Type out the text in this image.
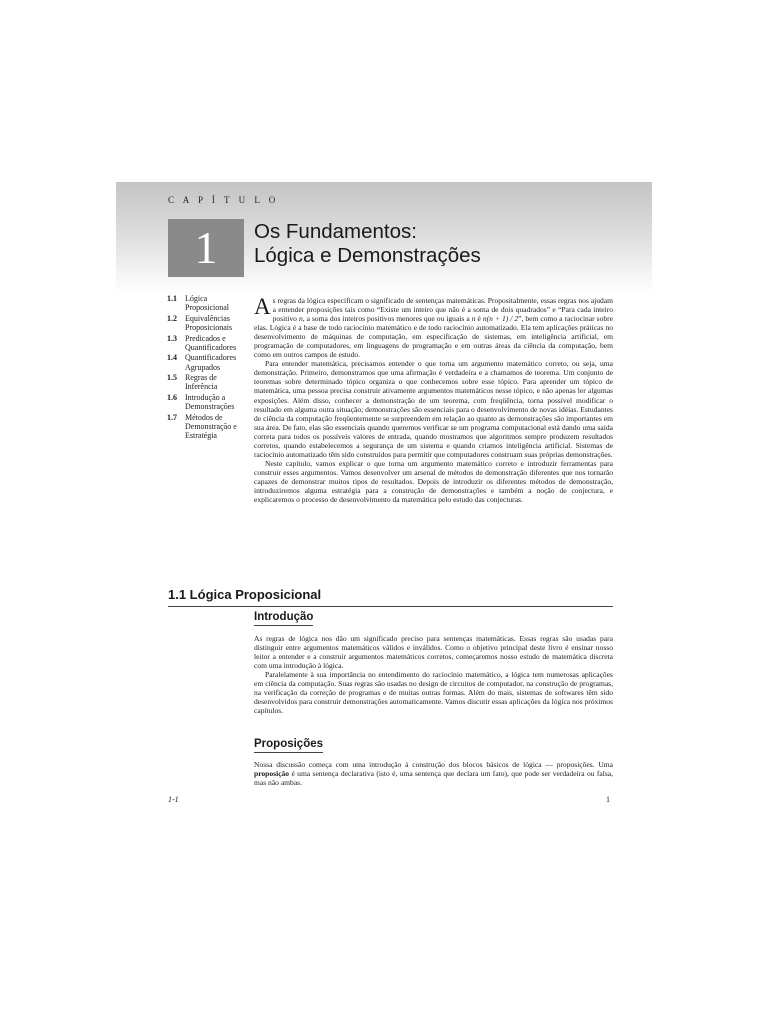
C A P Í T U L O
1	Os Fundamentos:
Lógica e Demonstrações
1.1	Lógica Proposicional
1.2	Equivalências Proposicionais
1.3	Predicados e Quantificadores
1.4	Quantificadores Agrupados
1.5	Regras de Inferência
1.6	Introdução a Demonstrações
1.7	Métodos de Demonstração e Estratégia

As regras da lógica especificam o significado de sentenças matemáticas. Propositalmente, essas regras nos ajudam a entender proposições tais como “Existe um inteiro que não é a soma de dois quadrados” e “Para cada inteiro positivo n, a soma dos inteiros positivos menores que ou iguais a n é n(n + 1) / 2”, bem como a raciocinar sobre elas. Lógica é a base de todo raciocínio matemático e de todo raciocínio automatizado. Ela tem aplicações práticas no desenvolvimento de máquinas de computação, em especificação de sistemas, em inteligência artificial, em programação de computadores, em linguagens de programação e em outras áreas da ciência da computação, bem como em outros campos de estudo.

Para entender matemática, precisamos entender o que torna um argumento matemático correto, ou seja, uma demonstração. Primeiro, demonstramos que uma afirmação é verdadeira e a chamamos de teorema. Um conjunto de teoremas sobre determinado tópico organiza o que conhecemos sobre esse tópico. Para aprender um tópico de matemática, uma pessoa precisa construir ativamente argumentos matemáticos nesse tópico, e não apenas ler algumas exposições. Além disso, conhecer a demonstração de um teorema, com freqüência, torna possível modificar o resultado em alguma outra situação; demonstrações são essenciais para o desenvolvimento de novas idéias. Estudantes de ciência da computação freqüentemente se surpreendem em relação ao quanto as demonstrações são importantes em sua área. De fato, elas são essenciais quando queremos verificar se um programa computacional está dando uma saída correta para todos os possíveis valores de entrada, quando mostramos que algoritmos sempre produzem resultados corretos, quando estabelecemos a segurança de um sistema e quando criamos inteligência artificial. Sistemas de raciocínio automatizado têm sido construídos para permitir que computadores construam suas próprias demonstrações.

Neste capítulo, vamos explicar o que torna um argumento matemático correto e introduzir ferramentas para construir esses argumentos. Vamos desenvolver um arsenal de métodos de demonstração diferentes que nos tornarão capazes de demonstrar muitos tipos de resultados. Depois de introduzir os diferentes métodos de demonstração, introduziremos alguma estratégia para a construção de demonstrações e também a noção de conjectura, e explicaremos o processo de desenvolvimento da matemática pelo estudo das conjecturas.

1.1 Lógica Proposicional
Introdução

As regras de lógica nos dão um significado preciso para sentenças matemáticas. Essas regras são usadas para distinguir entre argumentos matemáticos válidos e inválidos. Como o objetivo principal deste livro é ensinar nosso leitor a entender e a construir argumentos matemáticos corretos, começaremos nosso estudo de matemática discreta com uma introdução à lógica.

Paralelamente à sua importância no entendimento do raciocínio matemático, a lógica tem numerosas aplicações em ciência da computação. Suas regras são usadas no design de circuitos de computador, na construção de programas, na verificação da correção de programas e de muitas outras formas. Além do mais, sistemas de softwares têm sido desenvolvidos para construir demonstrações automaticamente. Vamos discutir essas aplicações da lógica nos próximos capítulos.

Proposições

Nossa discussão começa com uma introdução à construção dos blocos básicos de lógica — proposições. Uma proposição é uma sentença declarativa (isto é, uma sentença que declara um fato), que pode ser verdadeira ou falsa, mas não ambas.

1-1	1
